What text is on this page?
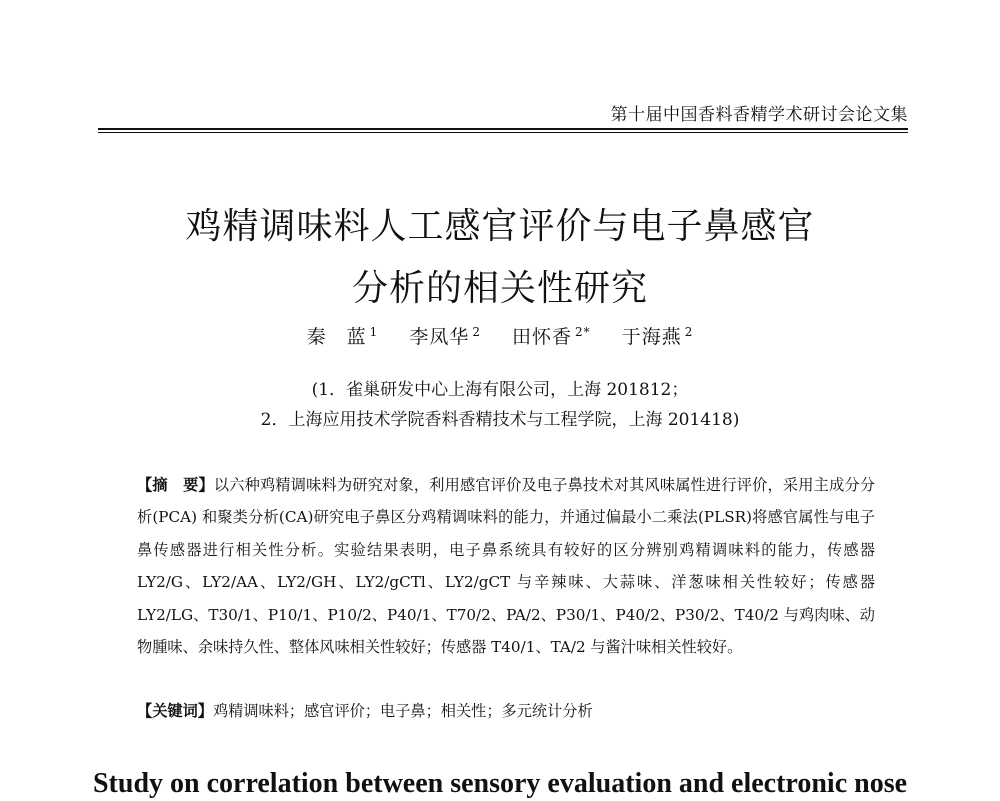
第十届中国香料香精学术研讨会论文集
鸡精调味料人工感官评价与电子鼻感官
分析的相关性研究
秦　蓝 $^1$ 李凤华 $^2$ 田怀香 $^{2*}$ 于海燕 $^2$
(1．雀巢研发中心上海有限公司，上海 201812；
2．上海应用技术学院香料香精技术与工程学院，上海 201418)
【摘　要】以六种鸡精调味料为研究对象，利用感官评价及电子鼻技术对其风味属性进行评价，采用主成分分析(PCA) 和聚类分析(CA)研究电子鼻区分鸡精调味料的能力，并通过偏最小二乘法(PLSR)将感官属性与电子鼻传感器进行相关性分析。实验结果表明，电子鼻系统具有较好的区分辨别鸡精调味料的能力，传感器 LY2/G、LY2/AA、LY2/GH、LY2/gCTl、LY2/gCT 与辛辣味、大蒜味、洋葱味相关性较好；传感器 LY2/LG、T30/1、P10/1、P10/2、P40/1、T70/2、PA/2、P30/1、P40/2、P30/2、T40/2 与鸡肉味、动物腫味、余味持久性、整体风味相关性较好；传感器 T40/1、TA/2 与酱汁味相关性较好。
【关键词】鸡精调味料；感官评价；电子鼻；相关性；多元统计分析
Study on correlation between sensory evaluation and electronic nose
